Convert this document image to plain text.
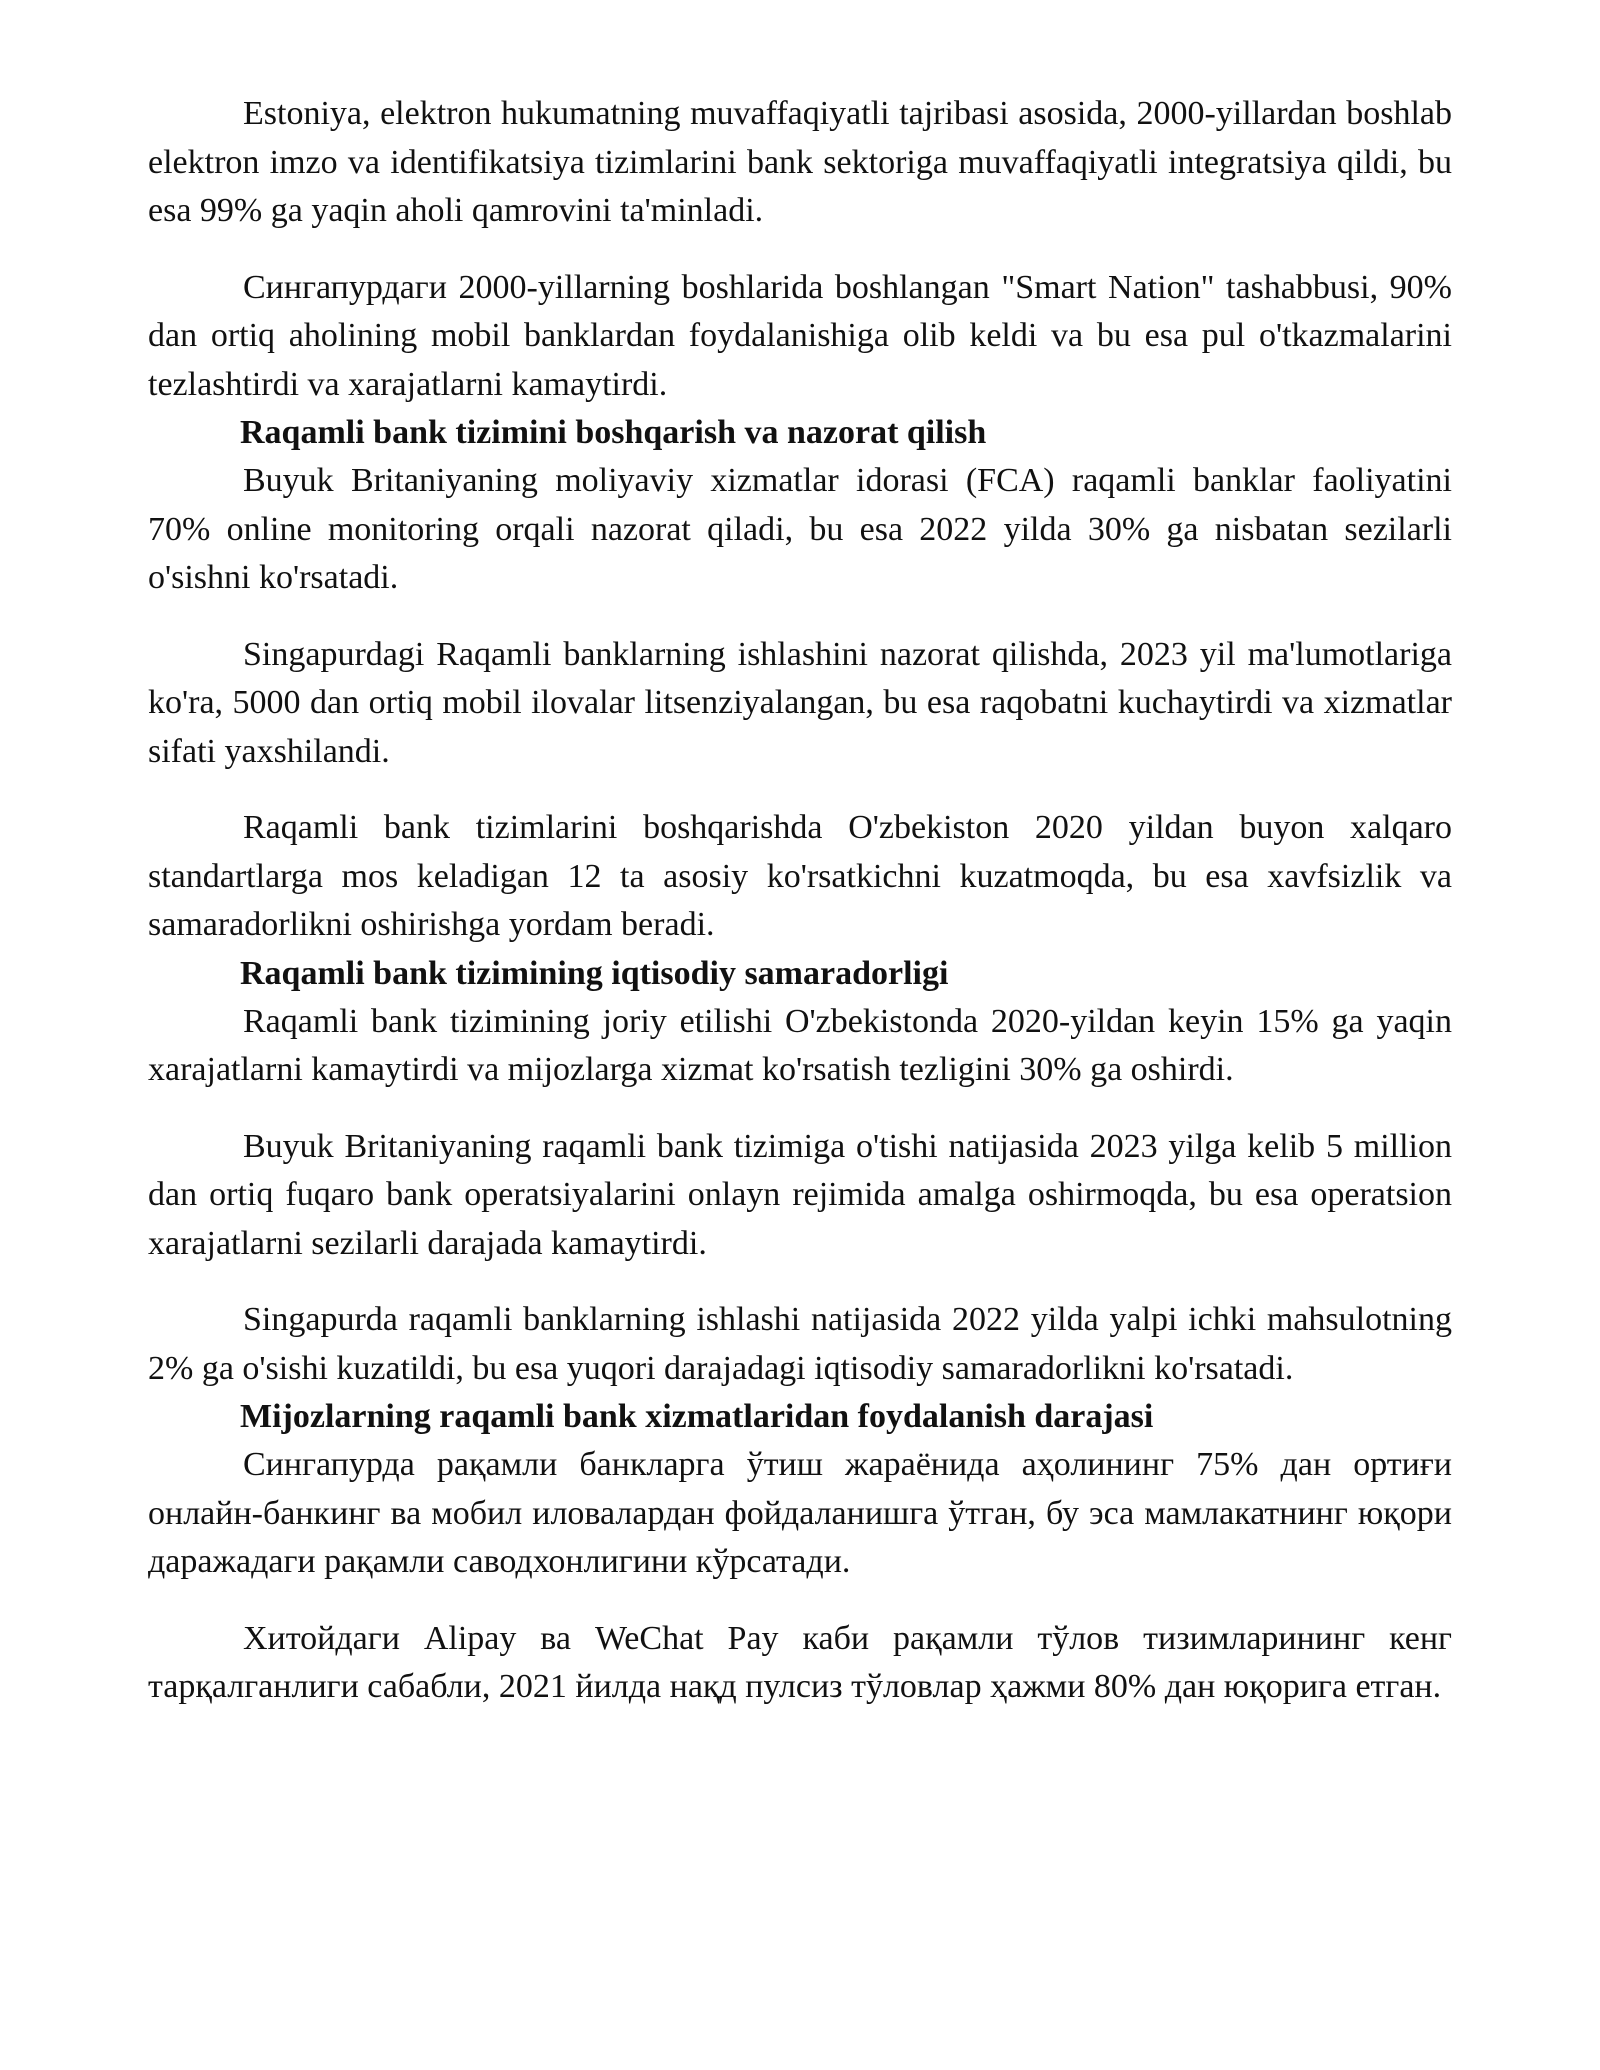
Estoniya, elektron hukumatning muvaffaqiyatli tajribasi asosida, 2000-yillardan boshlab elektron imzo va identifikatsiya tizimlarini bank sektoriga muvaffaqiyatli integratsiya qildi, bu esa 99% ga yaqin aholi qamrovini ta'minladi.

Сингапурдаги 2000-yillarning boshlarida boshlangan "Smart Nation" tashabbusi, 90% dan ortiq aholining mobil banklardan foydalanishiga olib keldi va bu esa pul o'tkazmalarini tezlashtirdi va xarajatlarni kamaytirdi.

Raqamli bank tizimini boshqarish va nazorat qilish

Buyuk Britaniyaning moliyaviy xizmatlar idorasi (FCA) raqamli banklar faoliyatini 70% online monitoring orqali nazorat qiladi, bu esa 2022 yilda 30% ga nisbatan sezilarli o'sishni ko'rsatadi.

Singapurdagi Raqamli banklarning ishlashini nazorat qilishda, 2023 yil ma'lumotlariga ko'ra, 5000 dan ortiq mobil ilovalar litsenziyalangan, bu esa raqobatni kuchaytirdi va xizmatlar sifati yaxshilandi.

Raqamli bank tizimlarini boshqarishda O'zbekiston 2020 yildan buyon xalqaro standartlarga mos keladigan 12 ta asosiy ko'rsatkichni kuzatmoqda, bu esa xavfsizlik va samaradorlikni oshirishga yordam beradi.

Raqamli bank tizimining iqtisodiy samaradorligi

Raqamli bank tizimining joriy etilishi O'zbekistonda 2020-yildan keyin 15% ga yaqin xarajatlarni kamaytirdi va mijozlarga xizmat ko'rsatish tezligini 30% ga oshirdi.

Buyuk Britaniyaning raqamli bank tizimiga o'tishi natijasida 2023 yilga kelib 5 million dan ortiq fuqaro bank operatsiyalarini onlayn rejimida amalga oshirmoqda, bu esa operatsion xarajatlarni sezilarli darajada kamaytirdi.

Singapurda raqamli banklarning ishlashi natijasida 2022 yilda yalpi ichki mahsulotning 2% ga o'sishi kuzatildi, bu esa yuqori darajadagi iqtisodiy samaradorlikni ko'rsatadi.

Mijozlarning raqamli bank xizmatlaridan foydalanish darajasi

Сингапурда рақамли банкларга ўтиш жараёнида аҳолининг 75% дан ортиғи онлайн-банкинг ва мобил иловалардан фойдаланишга ўтган, бу эса мамлакатнинг юқори даражадаги рақамли саводхонлигини кўрсатади.

Хитойдаги Alipay ва WeChat Pay каби рақамли тўлов тизимларининг кенг тарқалганлиги сабабли, 2021 йилда нақд пулсиз тўловлар ҳажми 80% дан юқорига етган.
